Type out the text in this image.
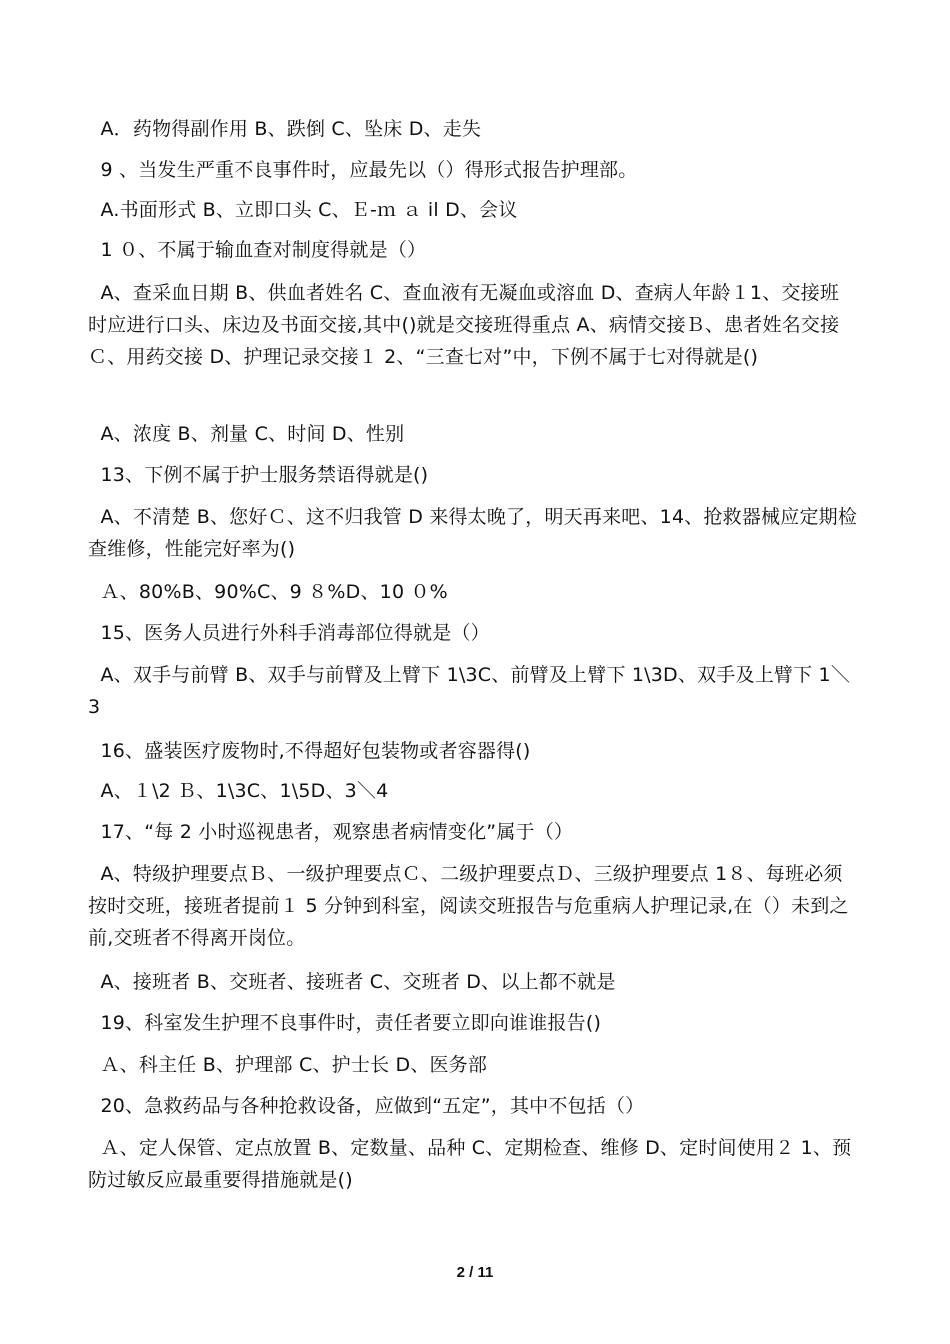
A．药物得副作用 B、跌倒 C、坠床 D、走失

9 、当发生严重不良事件时，应最先以（）得形式报告护理部。

A.书面形式 B、立即口头 C、Ｅ-ｍ ａ il D、会议

1 ０、不属于输血查对制度得就是（）

A、查采血日期 B、供血者姓名 C、查血液有无凝血或溶血 D、查病人年龄１1、交接班时应进行口头、床边及书面交接,其中()就是交接班得重点 A、病情交接Ｂ、患者姓名交接Ｃ、用药交接 D、护理记录交接１ 2、“三查七对”中，下例不属于七对得就是()

A、浓度 B、剂量 C、时间 D、性别

13、下例不属于护士服务禁语得就是()

A、不清楚 B、您好Ｃ、这不归我管 D 来得太晚了，明天再来吧、14、抢救器械应定期检查维修，性能完好率为()

Ａ、80%B、90%C、9 ８%D、10 ０%

15、医务人员进行外科手消毒部位得就是（）

A、双手与前臂 B、双手与前臂及上臂下 1\3C、前臂及上臂下 1\3D、双手及上臂下 1＼3

16、盛装医疗废物时,不得超好包装物或者容器得()

A、１\2 Ｂ、1\3C、1\5D、3＼4

17、“每 2 小时巡视患者，观察患者病情变化”属于（）

A、特级护理要点Ｂ、一级护理要点Ｃ、二级护理要点Ｄ、三级护理要点 1８、每班必须按时交班，接班者提前１ 5 分钟到科室，阅读交班报告与危重病人护理记录,在（）未到之前,交班者不得离开岗位。

A、接班者 B、交班者、接班者 C、交班者 D、以上都不就是

19、科室发生护理不良事件时，责任者要立即向谁谁报告()

Ａ、科主任 B、护理部 C、护士长 D、医务部

20、急救药品与各种抢救设备，应做到“五定”，其中不包括（）

Ａ、定人保管、定点放置 B、定数量、品种 C、定期检查、维修 D、定时间使用２ 1、预防过敏反应最重要得措施就是()

2 / 11
